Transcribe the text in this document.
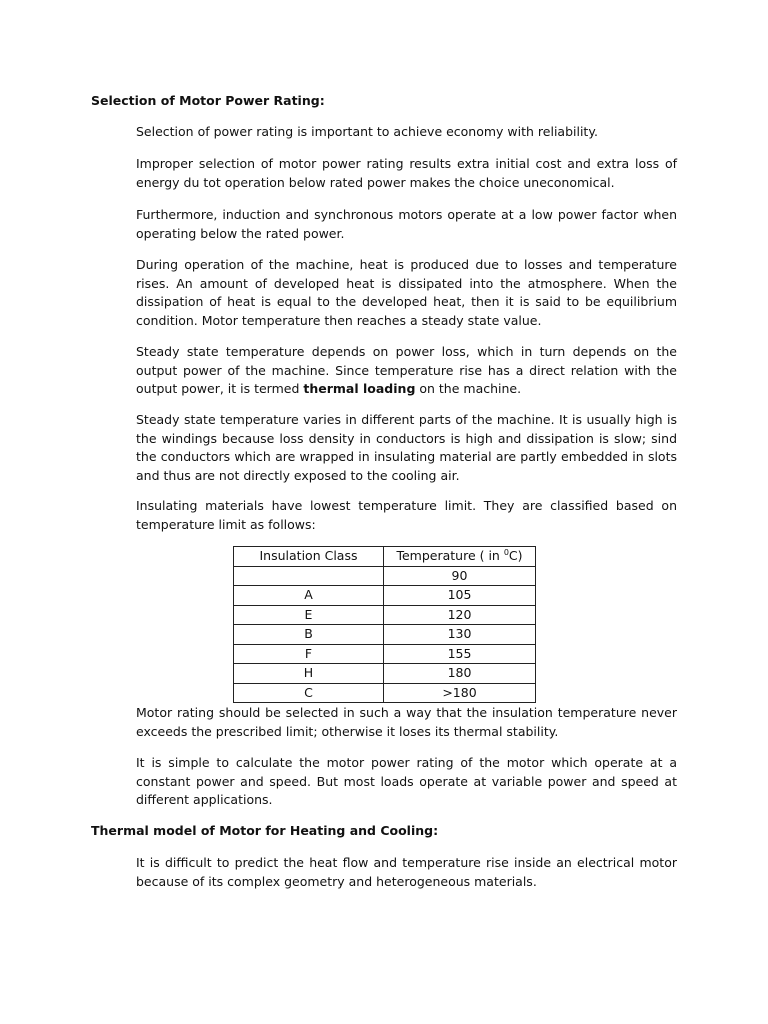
Selection of Motor Power Rating:

Selection of power rating is important to achieve economy with reliability.

Improper selection of motor power rating results extra initial cost and extra loss of energy du tot operation below rated power makes the choice uneconomical.

Furthermore, induction and synchronous motors operate at a low power factor when operating below the rated power.

During operation of the machine, heat is produced due to losses and temperature rises. An amount of developed heat is dissipated into the atmosphere. When the dissipation of heat is equal to the developed heat, then it is said to be equilibrium condition. Motor temperature then reaches a steady state value.

Steady state temperature depends on power loss, which in turn depends on the output power of the machine. Since temperature rise has a direct relation with the output power, it is termed thermal loading on the machine.

Steady state temperature varies in different parts of the machine. It is usually high is the windings because loss density in conductors is high and dissipation is slow; sind the conductors which are wrapped in insulating material are partly embedded in slots and thus are not directly exposed to the cooling air.

Insulating materials have lowest temperature limit. They are classified based on temperature limit as follows:

Insulation Class	Temperature ( in $^0$C)
	90
A	105
E	120
B	130
F	155
H	180
C	>180

Motor rating should be selected in such a way that the insulation temperature never exceeds the prescribed limit; otherwise it loses its thermal stability.

It is simple to calculate the motor power rating of the motor which operate at a constant power and speed. But most loads operate at variable power and speed at different applications.

Thermal model of Motor for Heating and Cooling:

It is difficult to predict the heat flow and temperature rise inside an electrical motor because of its complex geometry and heterogeneous materials.
